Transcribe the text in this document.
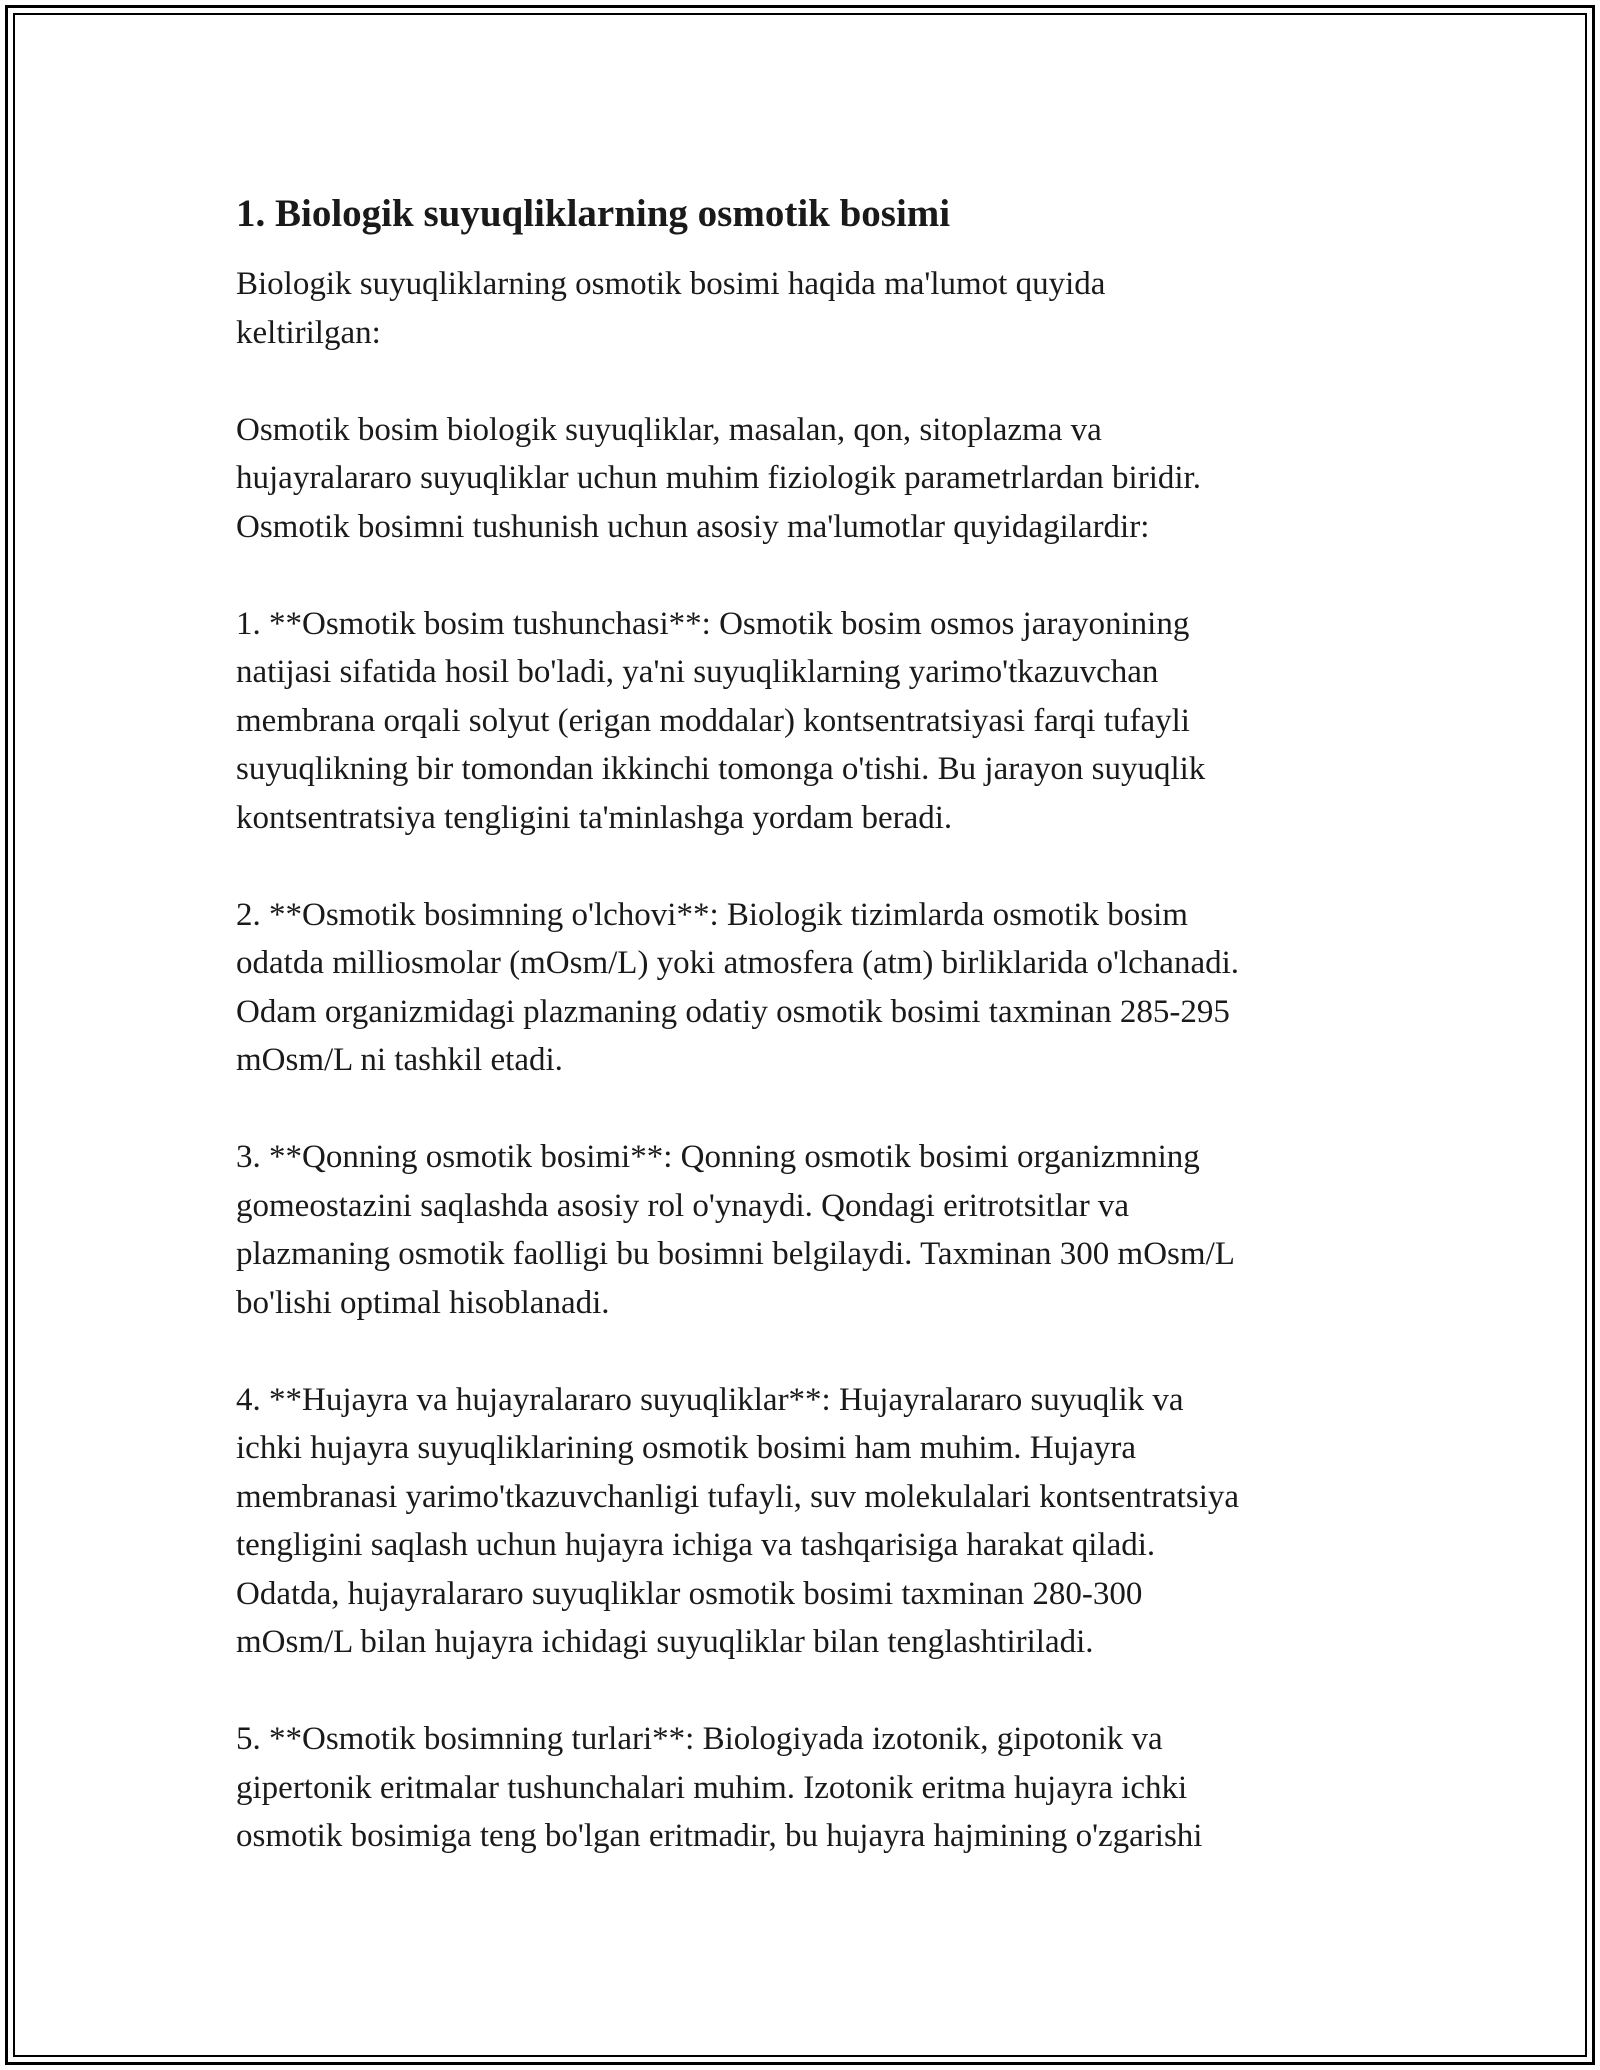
1. Biologik suyuqliklarning osmotik bosimi
Biologik suyuqliklarning osmotik bosimi haqida ma'lumot quyida
keltirilgan:

Osmotik bosim biologik suyuqliklar, masalan, qon, sitoplazma va
hujayralararo suyuqliklar uchun muhim fiziologik parametrlardan biridir.
Osmotik bosimni tushunish uchun asosiy ma'lumotlar quyidagilardir:

1. **Osmotik bosim tushunchasi**: Osmotik bosim osmos jarayonining
natijasi sifatida hosil bo'ladi, ya'ni suyuqliklarning yarimo'tkazuvchan
membrana orqali solyut (erigan moddalar) kontsentratsiyasi farqi tufayli
suyuqlikning bir tomondan ikkinchi tomonga o'tishi. Bu jarayon suyuqlik
kontsentratsiya tengligini ta'minlashga yordam beradi.

2. **Osmotik bosimning o'lchovi**: Biologik tizimlarda osmotik bosim
odatda milliosmolar (mOsm/L) yoki atmosfera (atm) birliklarida o'lchanadi.
Odam organizmidagi plazmaning odatiy osmotik bosimi taxminan 285-295
mOsm/L ni tashkil etadi.

3. **Qonning osmotik bosimi**: Qonning osmotik bosimi organizmning
gomeostazini saqlashda asosiy rol o'ynaydi. Qondagi eritrotsitlar va
plazmaning osmotik faolligi bu bosimni belgilaydi. Taxminan 300 mOsm/L
bo'lishi optimal hisoblanadi.

4. **Hujayra va hujayralararo suyuqliklar**: Hujayralararo suyuqlik va
ichki hujayra suyuqliklarining osmotik bosimi ham muhim. Hujayra
membranasi yarimo'tkazuvchanligi tufayli, suv molekulalari kontsentratsiya
tengligini saqlash uchun hujayra ichiga va tashqarisiga harakat qiladi.
Odatda, hujayralararo suyuqliklar osmotik bosimi taxminan 280-300
mOsm/L bilan hujayra ichidagi suyuqliklar bilan tenglashtiriladi.

5. **Osmotik bosimning turlari**: Biologiyada izotonik, gipotonik va
gipertonik eritmalar tushunchalari muhim. Izotonik eritma hujayra ichki
osmotik bosimiga teng bo'lgan eritmadir, bu hujayra hajmining o'zgarishi
